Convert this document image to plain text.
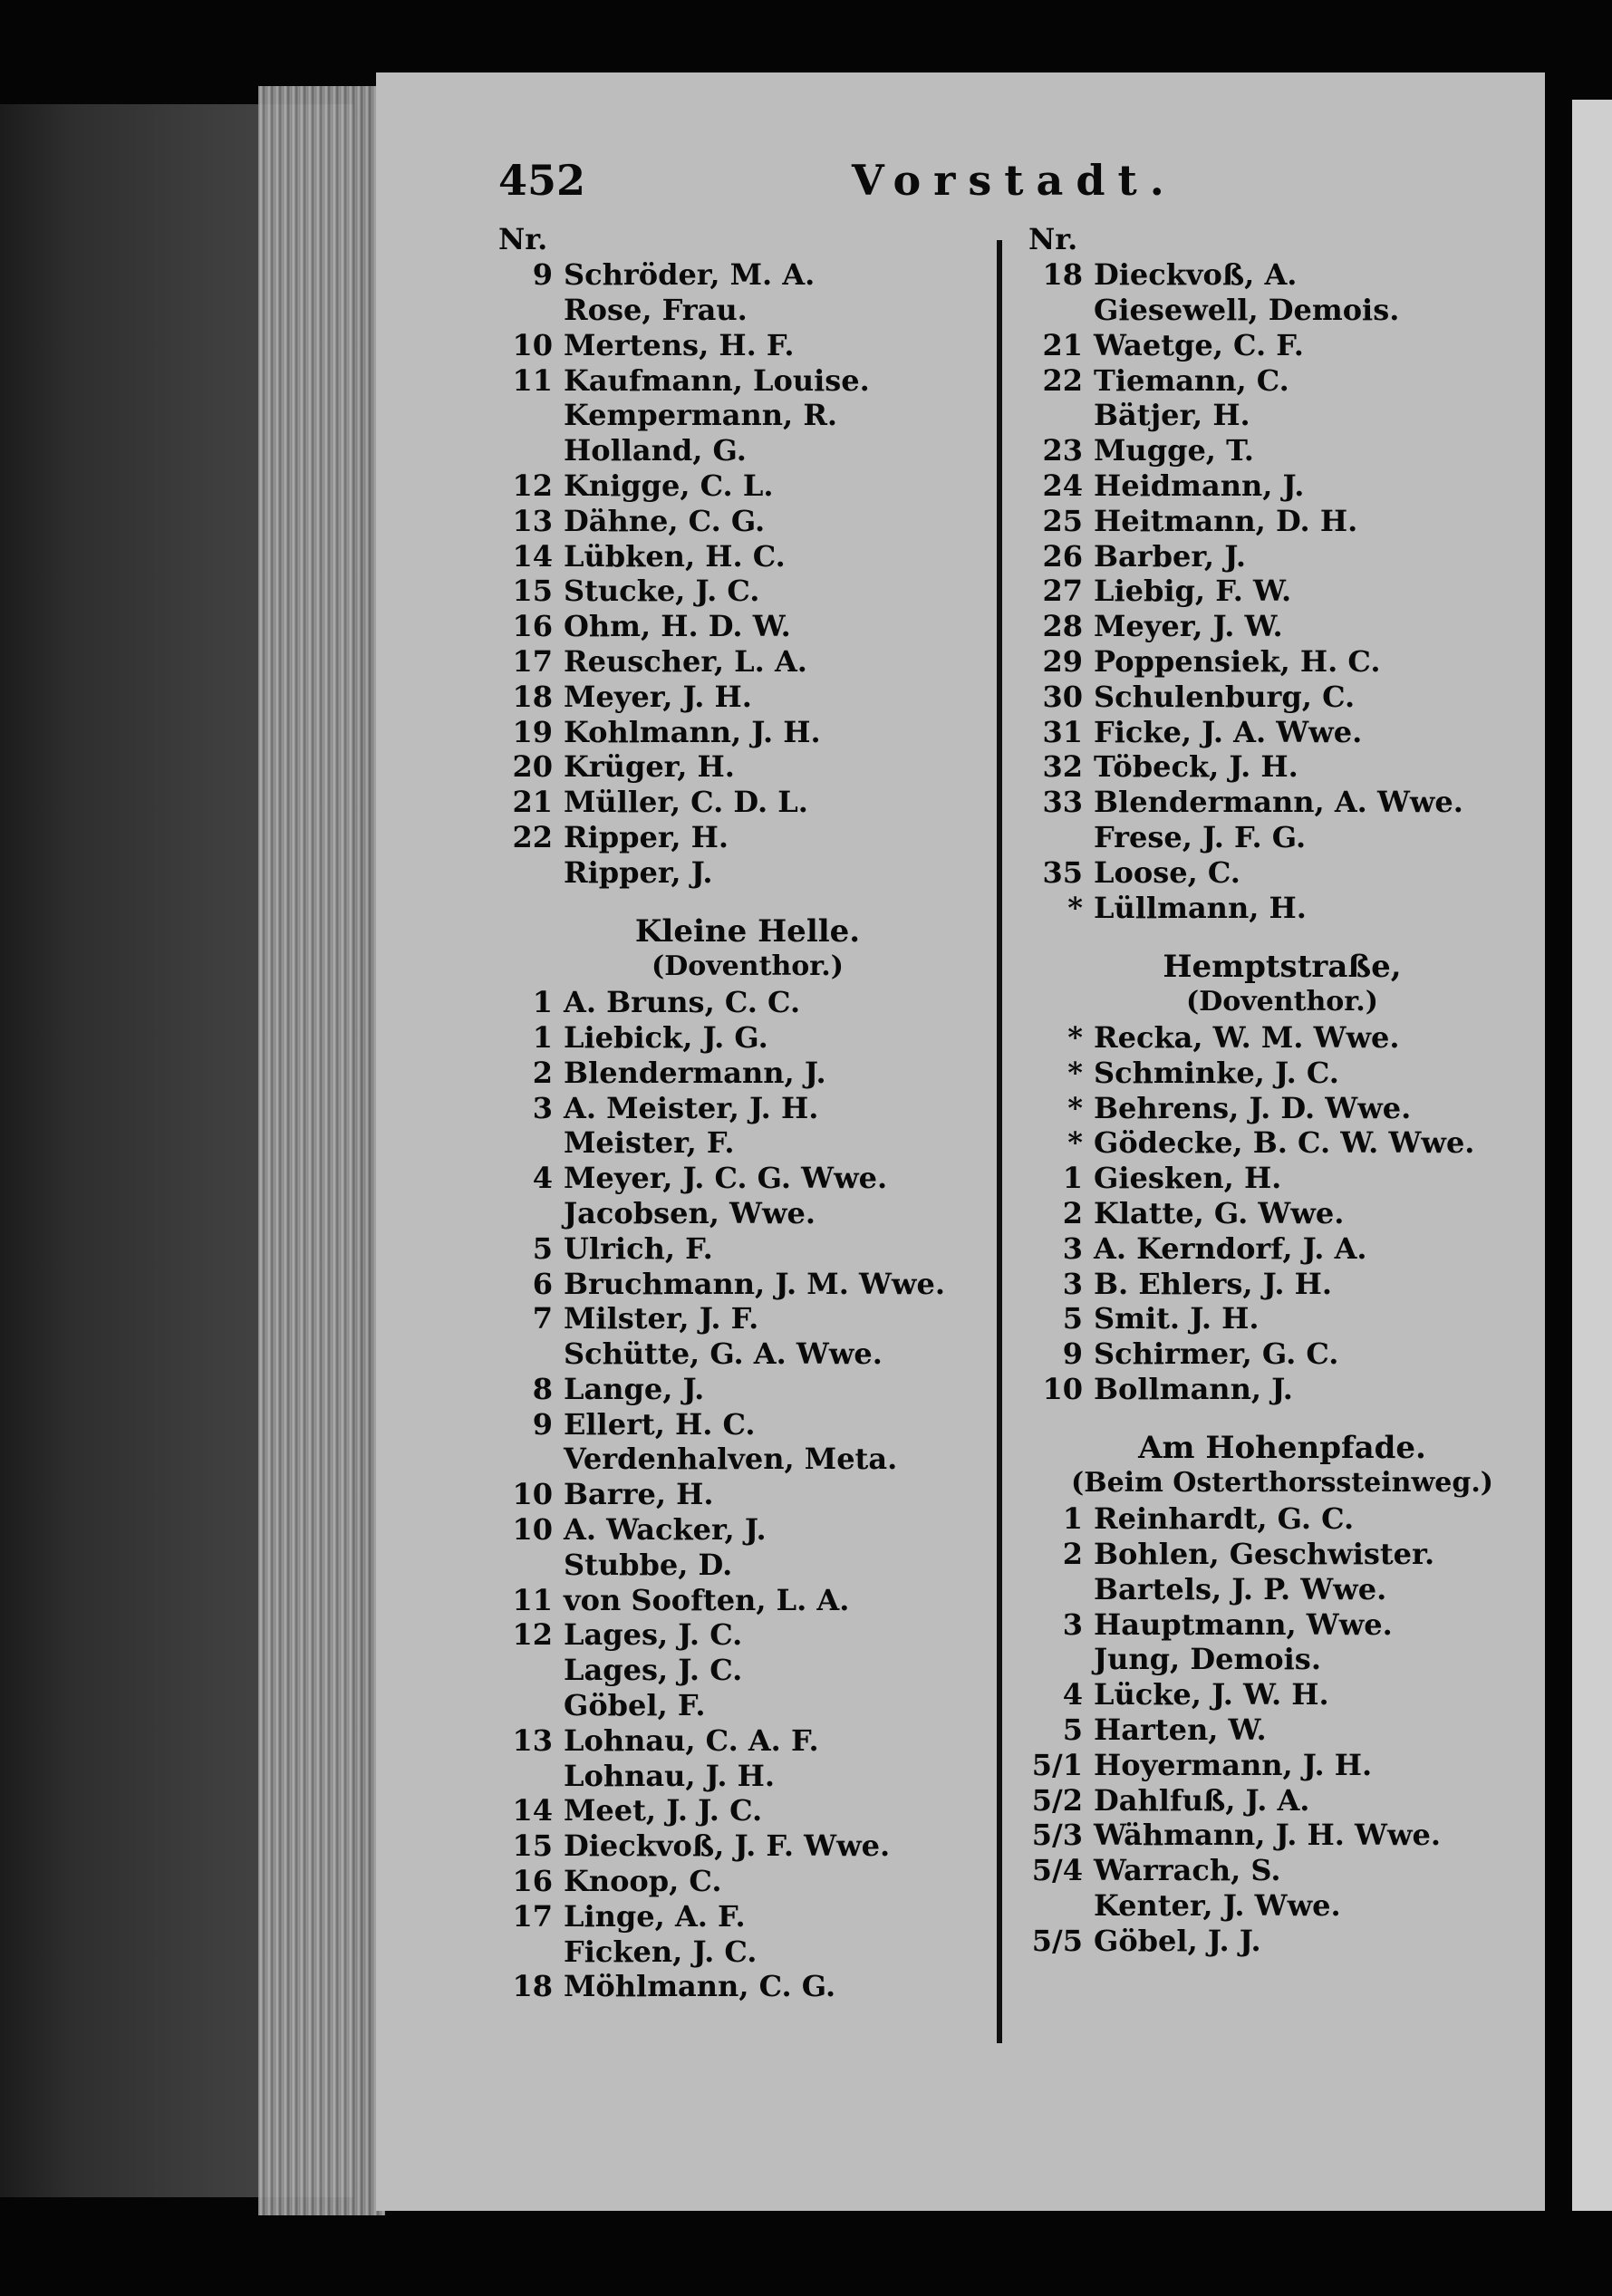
452	Vorstadt.
Nr.
9 Schröder, M. A.
Rose, Frau.
10 Mertens, H. F.
11 Kaufmann, Louise.
Kempermann, R.
Holland, G.
12 Knigge, C. L.
13 Dähne, C. G.
14 Lübken, H. C.
15 Stucke, J. C.
16 Ohm, H. D. W.
17 Reuscher, L. A.
18 Meyer, J. H.
19 Kohlmann, J. H.
20 Krüger, H.
21 Müller, C. D. L.
22 Ripper, H.
Ripper, J.
Kleine Helle.
(Doventhor.)
1 A. Bruns, C. C.
1 Liebick, J. G.
2 Blendermann, J.
3 A. Meister, J. H.
Meister, F.
4 Meyer, J. C. G. Wwe.
Jacobsen, Wwe.
5 Ulrich, F.
6 Bruchmann, J. M. Wwe.
7 Milster, J. F.
Schütte, G. A. Wwe.
8 Lange, J.
9 Ellert, H. C.
Verdenhalven, Meta.
10 Barre, H.
10 A. Wacker, J.
Stubbe, D.
11 von Sooften, L. A.
12 Lages, J. C.
Lages, J. C.
Göbel, F.
13 Lohnau, C. A. F.
Lohnau, J. H.
14 Meet, J. J. C.
15 Dieckvoß, J. F. Wwe.
16 Knoop, C.
17 Linge, A. F.
Ficken, J. C.
18 Möhlmann, C. G.
Nr.
18 Dieckvoß, A.
Giesewell, Demois.
21 Waetge, C. F.
22 Tiemann, C.
Bätjer, H.
23 Mugge, T.
24 Heidmann, J.
25 Heitmann, D. H.
26 Barber, J.
27 Liebig, F. W.
28 Meyer, J. W.
29 Poppensiek, H. C.
30 Schulenburg, C.
31 Ficke, J. A. Wwe.
32 Töbeck, J. H.
33 Blendermann, A. Wwe.
Frese, J. F. G.
35 Loose, C.
* Lüllmann, H.
Hemptstraße,
(Doventhor.)
* Recka, W. M. Wwe.
* Schminke, J. C.
* Behrens, J. D. Wwe.
* Gödecke, B. C. W. Wwe.
1 Giesken, H.
2 Klatte, G. Wwe.
3 A. Kerndorf, J. A.
3 B. Ehlers, J. H.
5 Smit. J. H.
9 Schirmer, G. C.
10 Bollmann, J.
Am Hohenpfade.
(Beim Osterthorssteinweg.)
1 Reinhardt, G. C.
2 Bohlen, Geschwister.
Bartels, J. P. Wwe.
3 Hauptmann, Wwe.
Jung, Demois.
4 Lücke, J. W. H.
5 Harten, W.
5/1 Hoyermann, J. H.
5/2 Dahlfuß, J. A.
5/3 Wähmann, J. H. Wwe.
5/4 Warrach, S.
Kenter, J. Wwe.
5/5 Göbel, J. J.
